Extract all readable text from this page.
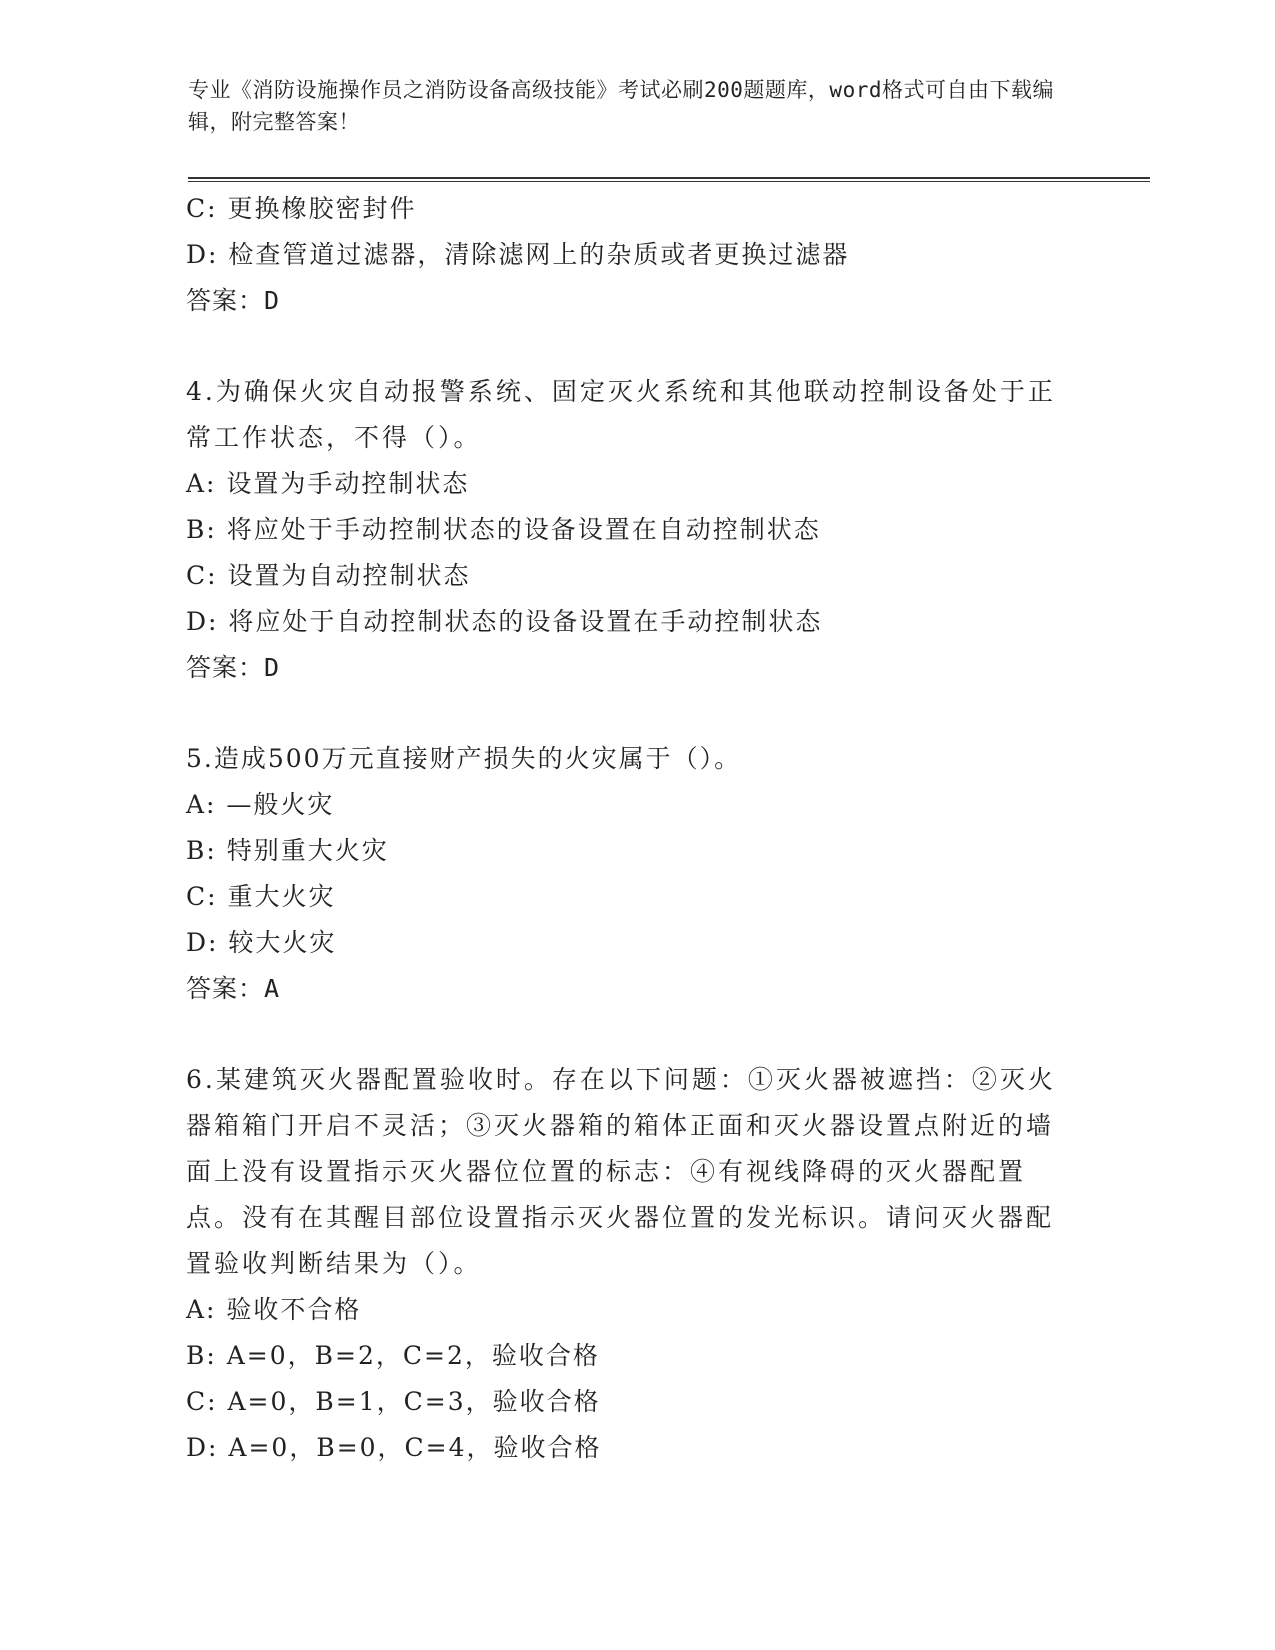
专业《消防设施操作员之消防设备高级技能》考试必刷200题题库，word格式可自由下载编辑，附完整答案！
C: 更换橡胶密封件
D: 检查管道过滤器，清除滤网上的杂质或者更换过滤器
答案：D
4.为确保火灾自动报警系统、固定灭火系统和其他联动控制设备处于正常工作状态，不得（）。
A: 设置为手动控制状态
B: 将应处于手动控制状态的设备设置在自动控制状态
C: 设置为自动控制状态
D: 将应处于自动控制状态的设备设置在手动控制状态
答案：D
5.造成500万元直接财产损失的火灾属于（）。
A: —般火灾
B: 特别重大火灾
C: 重大火灾
D: 较大火灾
答案：A
6.某建筑灭火器配置验收时。存在以下问题：①灭火器被遮挡：②灭火器箱箱门开启不灵活；③灭火器箱的箱体正面和灭火器设置点附近的墙面上没有设置指示灭火器位位置的标志：④有视线降碍的灭火器配置点。没有在其醒目部位设置指示灭火器位置的发光标识。请问灭火器配置验收判断结果为（）。
A: 验收不合格
B: A=0，B=2，C=2，验收合格
C: A=0，B=1，C=3，验收合格
D: A=0，B=0，C=4，验收合格
